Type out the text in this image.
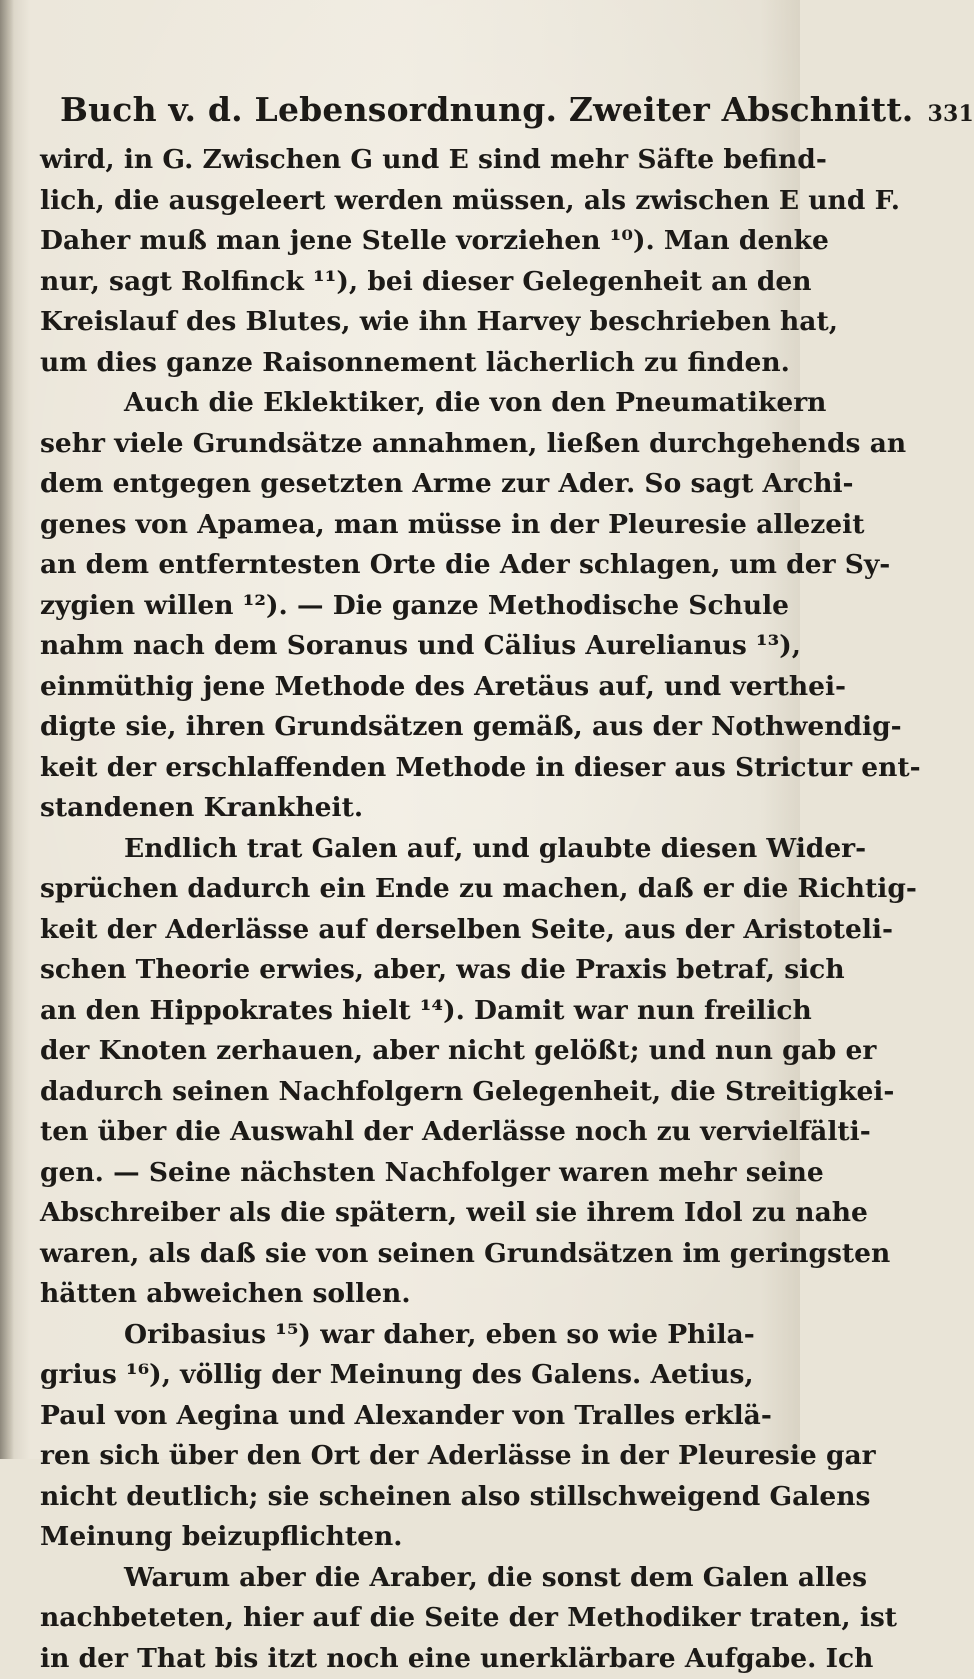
Buch v. d. Lebensordnung. Zweiter Abschnitt. 331
wird, in G. Zwischen G und E sind mehr Säfte befind-
lich, die ausgeleert werden müssen, als zwischen E und F.
Daher muß man jene Stelle vorziehen ¹⁰). Man denke
nur, sagt Rolfinck ¹¹), bei dieser Gelegenheit an den
Kreislauf des Blutes, wie ihn Harvey beschrieben hat,
um dies ganze Raisonnement lächerlich zu finden.
Auch die Eklektiker, die von den Pneumatikern
sehr viele Grundsätze annahmen, ließen durchgehends an
dem entgegen gesetzten Arme zur Ader. So sagt Archi-
genes von Apamea, man müsse in der Pleuresie allezeit
an dem entferntesten Orte die Ader schlagen, um der Sy-
zygien willen ¹²). — Die ganze Methodische Schule
nahm nach dem Soranus und Cälius Aurelianus ¹³),
einmüthig jene Methode des Aretäus auf, und verthei-
digte sie, ihren Grundsätzen gemäß, aus der Nothwendig-
keit der erschlaffenden Methode in dieser aus Strictur ent-
standenen Krankheit.
Endlich trat Galen auf, und glaubte diesen Wider-
sprüchen dadurch ein Ende zu machen, daß er die Richtig-
keit der Aderlässe auf derselben Seite, aus der Aristoteli-
schen Theorie erwies, aber, was die Praxis betraf, sich
an den Hippokrates hielt ¹⁴). Damit war nun freilich
der Knoten zerhauen, aber nicht gelößt; und nun gab er
dadurch seinen Nachfolgern Gelegenheit, die Streitigkei-
ten über die Auswahl der Aderlässe noch zu vervielfälti-
gen. — Seine nächsten Nachfolger waren mehr seine
Abschreiber als die spätern, weil sie ihrem Idol zu nahe
waren, als daß sie von seinen Grundsätzen im geringsten
hätten abweichen sollen.
Oribasius ¹⁵) war daher, eben so wie Phila-
grius ¹⁶), völlig der Meinung des Galens. Aetius,
Paul von Aegina und Alexander von Tralles erklä-
ren sich über den Ort der Aderlässe in der Pleuresie gar
nicht deutlich; sie scheinen also stillschweigend Galens
Meinung beizupflichten.
Warum aber die Araber, die sonst dem Galen alles
nachbeteten, hier auf die Seite der Methodiker traten, ist
in der That bis itzt noch eine unerklärbare Aufgabe. Ich
